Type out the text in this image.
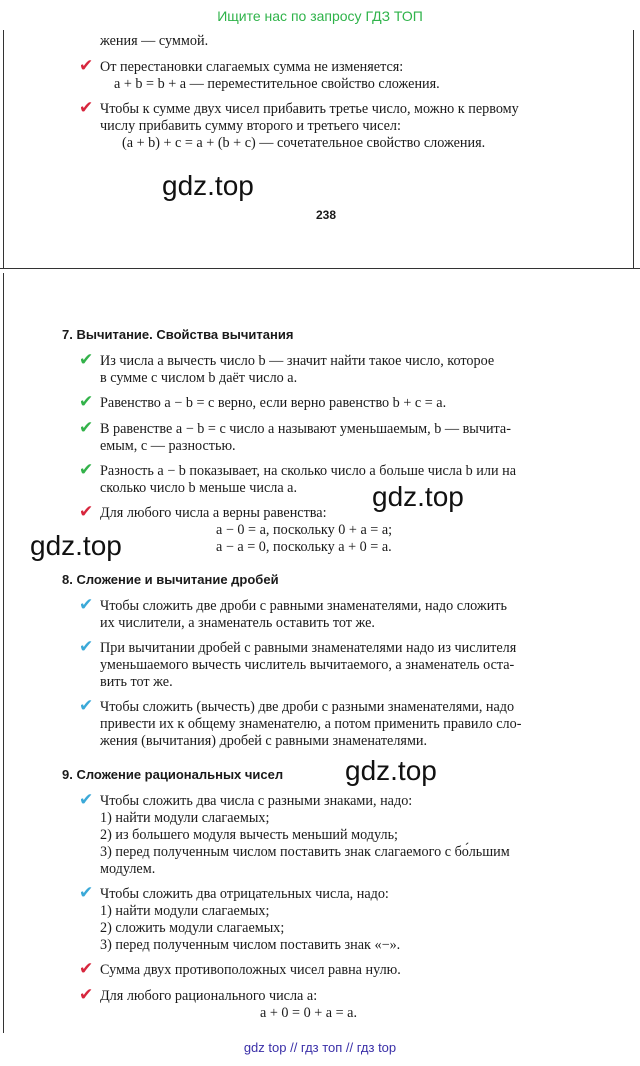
Ищите нас по запросу ГДЗ ТОП
жения — суммой.
✔ От перестановки слагаемых сумма не изменяется:
a + b = b + a — переместительное свойство сложения.
✔ Чтобы к сумме двух чисел прибавить третье число, можно к первому
числу прибавить сумму второго и третьего чисел:
(a + b) + c = a + (b + c) — сочетательное свойство сложения.
gdz.top
238
7. Вычитание. Свойства вычитания
✔ Из числа a вычесть число b — значит найти такое число, которое
в сумме с числом b даёт число a.
✔ Равенство a − b = c верно, если верно равенство b + c = a.
✔ В равенстве a − b = c число a называют уменьшаемым, b — вычита-
емым, c — разностью.
✔ Разность a − b показывает, на сколько число a больше числа b или на
сколько число b меньше числа a.	gdz.top
✔ Для любого числа a верны равенства:
a − 0 = a, поскольку 0 + a = a;
a − a = 0, поскольку a + 0 = a.
gdz.top
8. Сложение и вычитание дробей
✔ Чтобы сложить две дроби с равными знаменателями, надо сложить
их числители, а знаменатель оставить тот же.
✔ При вычитании дробей с равными знаменателями надо из числителя
уменьшаемого вычесть числитель вычитаемого, а знаменатель оста-
вить тот же.
✔ Чтобы сложить (вычесть) две дроби с разными знаменателями, надо
привести их к общему знаменателю, а потом применить правило сло-
жения (вычитания) дробей с равными знаменателями.
9. Сложение рациональных чисел gdz.top
✔ Чтобы сложить два числа с разными знаками, надо:
1) найти модули слагаемых;
2) из большего модуля вычесть меньший модуль;
3) перед полученным числом поставить знак слагаемого с бо́льшим
модулем.
✔ Чтобы сложить два отрицательных числа, надо:
1) найти модули слагаемых;
2) сложить модули слагаемых;
3) перед полученным числом поставить знак «−».
✔ Сумма двух противоположных чисел равна нулю.
✔ Для любого рационального числа a:
a + 0 = 0 + a = a.
gdz top // гдз топ // гдз top
